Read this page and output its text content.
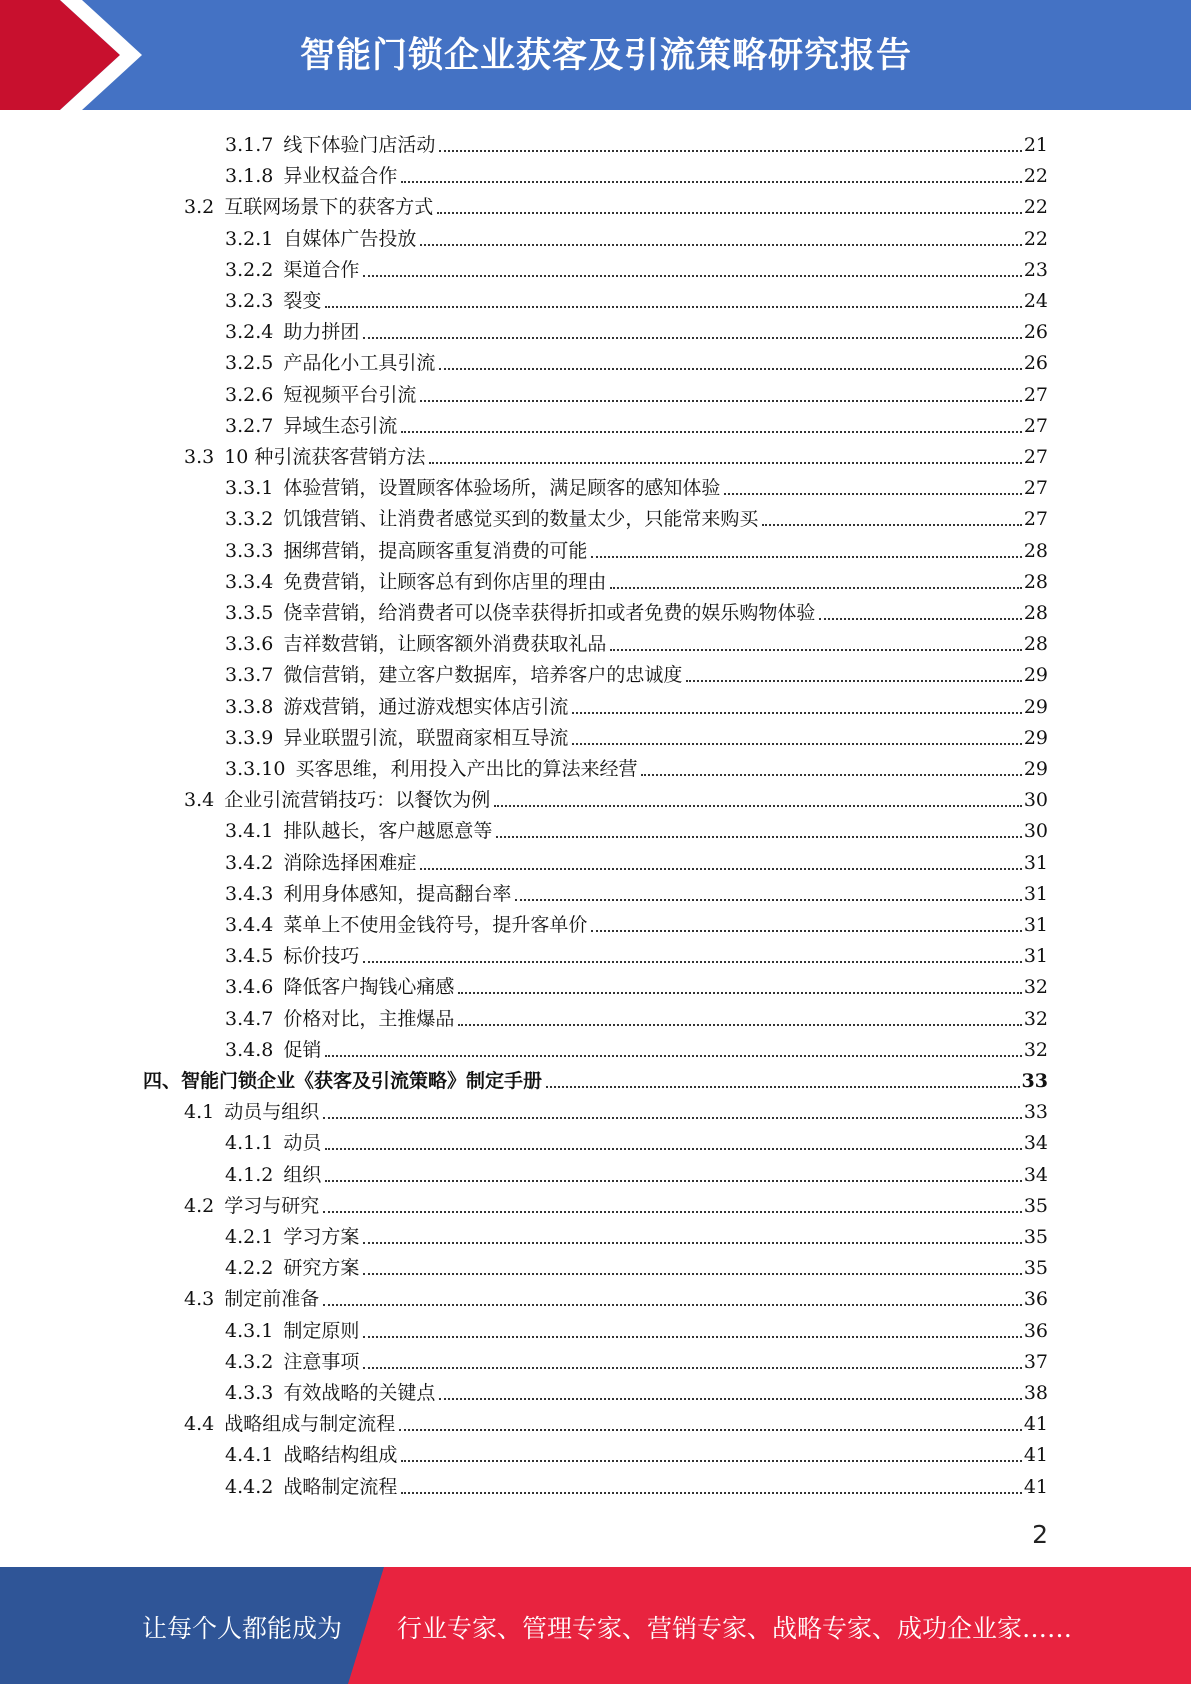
智能门锁企业获客及引流策略研究报告
3.1.7 线下体验门店活动	21
3.1.8 异业权益合作	22
3.2 互联网场景下的获客方式	22
3.2.1 自媒体广告投放	22
3.2.2 渠道合作	23
3.2.3 裂变	24
3.2.4 助力拼团	26
3.2.5 产品化小工具引流	26
3.2.6 短视频平台引流	27
3.2.7 异域生态引流	27
3.3 10 种引流获客营销方法	27
3.3.1 体验营销，设置顾客体验场所，满足顾客的感知体验	27
3.3.2 饥饿营销、让消费者感觉买到的数量太少，只能常来购买	27
3.3.3 捆绑营销，提高顾客重复消费的可能	28
3.3.4 免费营销，让顾客总有到你店里的理由	28
3.3.5 侥幸营销，给消费者可以侥幸获得折扣或者免费的娱乐购物体验	28
3.3.6 吉祥数营销，让顾客额外消费获取礼品	28
3.3.7 微信营销，建立客户数据库，培养客户的忠诚度	29
3.3.8 游戏营销，通过游戏想实体店引流	29
3.3.9 异业联盟引流，联盟商家相互导流	29
3.3.10 买客思维，利用投入产出比的算法来经营	29
3.4 企业引流营销技巧：以餐饮为例	30
3.4.1 排队越长，客户越愿意等	30
3.4.2 消除选择困难症	31
3.4.3 利用身体感知，提高翻台率	31
3.4.4 菜单上不使用金钱符号，提升客单价	31
3.4.5 标价技巧	31
3.4.6 降低客户掏钱心痛感	32
3.4.7 价格对比，主推爆品	32
3.4.8 促销	32
四、智能门锁企业《获客及引流策略》制定手册	33
4.1 动员与组织	33
4.1.1 动员	34
4.1.2 组织	34
4.2 学习与研究	35
4.2.1 学习方案	35
4.2.2 研究方案	35
4.3 制定前准备	36
4.3.1 制定原则	36
4.3.2 注意事项	37
4.3.3 有效战略的关键点	38
4.4 战略组成与制定流程	41
4.4.1 战略结构组成	41
4.4.2 战略制定流程	41
2
让每个人都能成为 行业专家、管理专家、营销专家、战略专家、成功企业家……
